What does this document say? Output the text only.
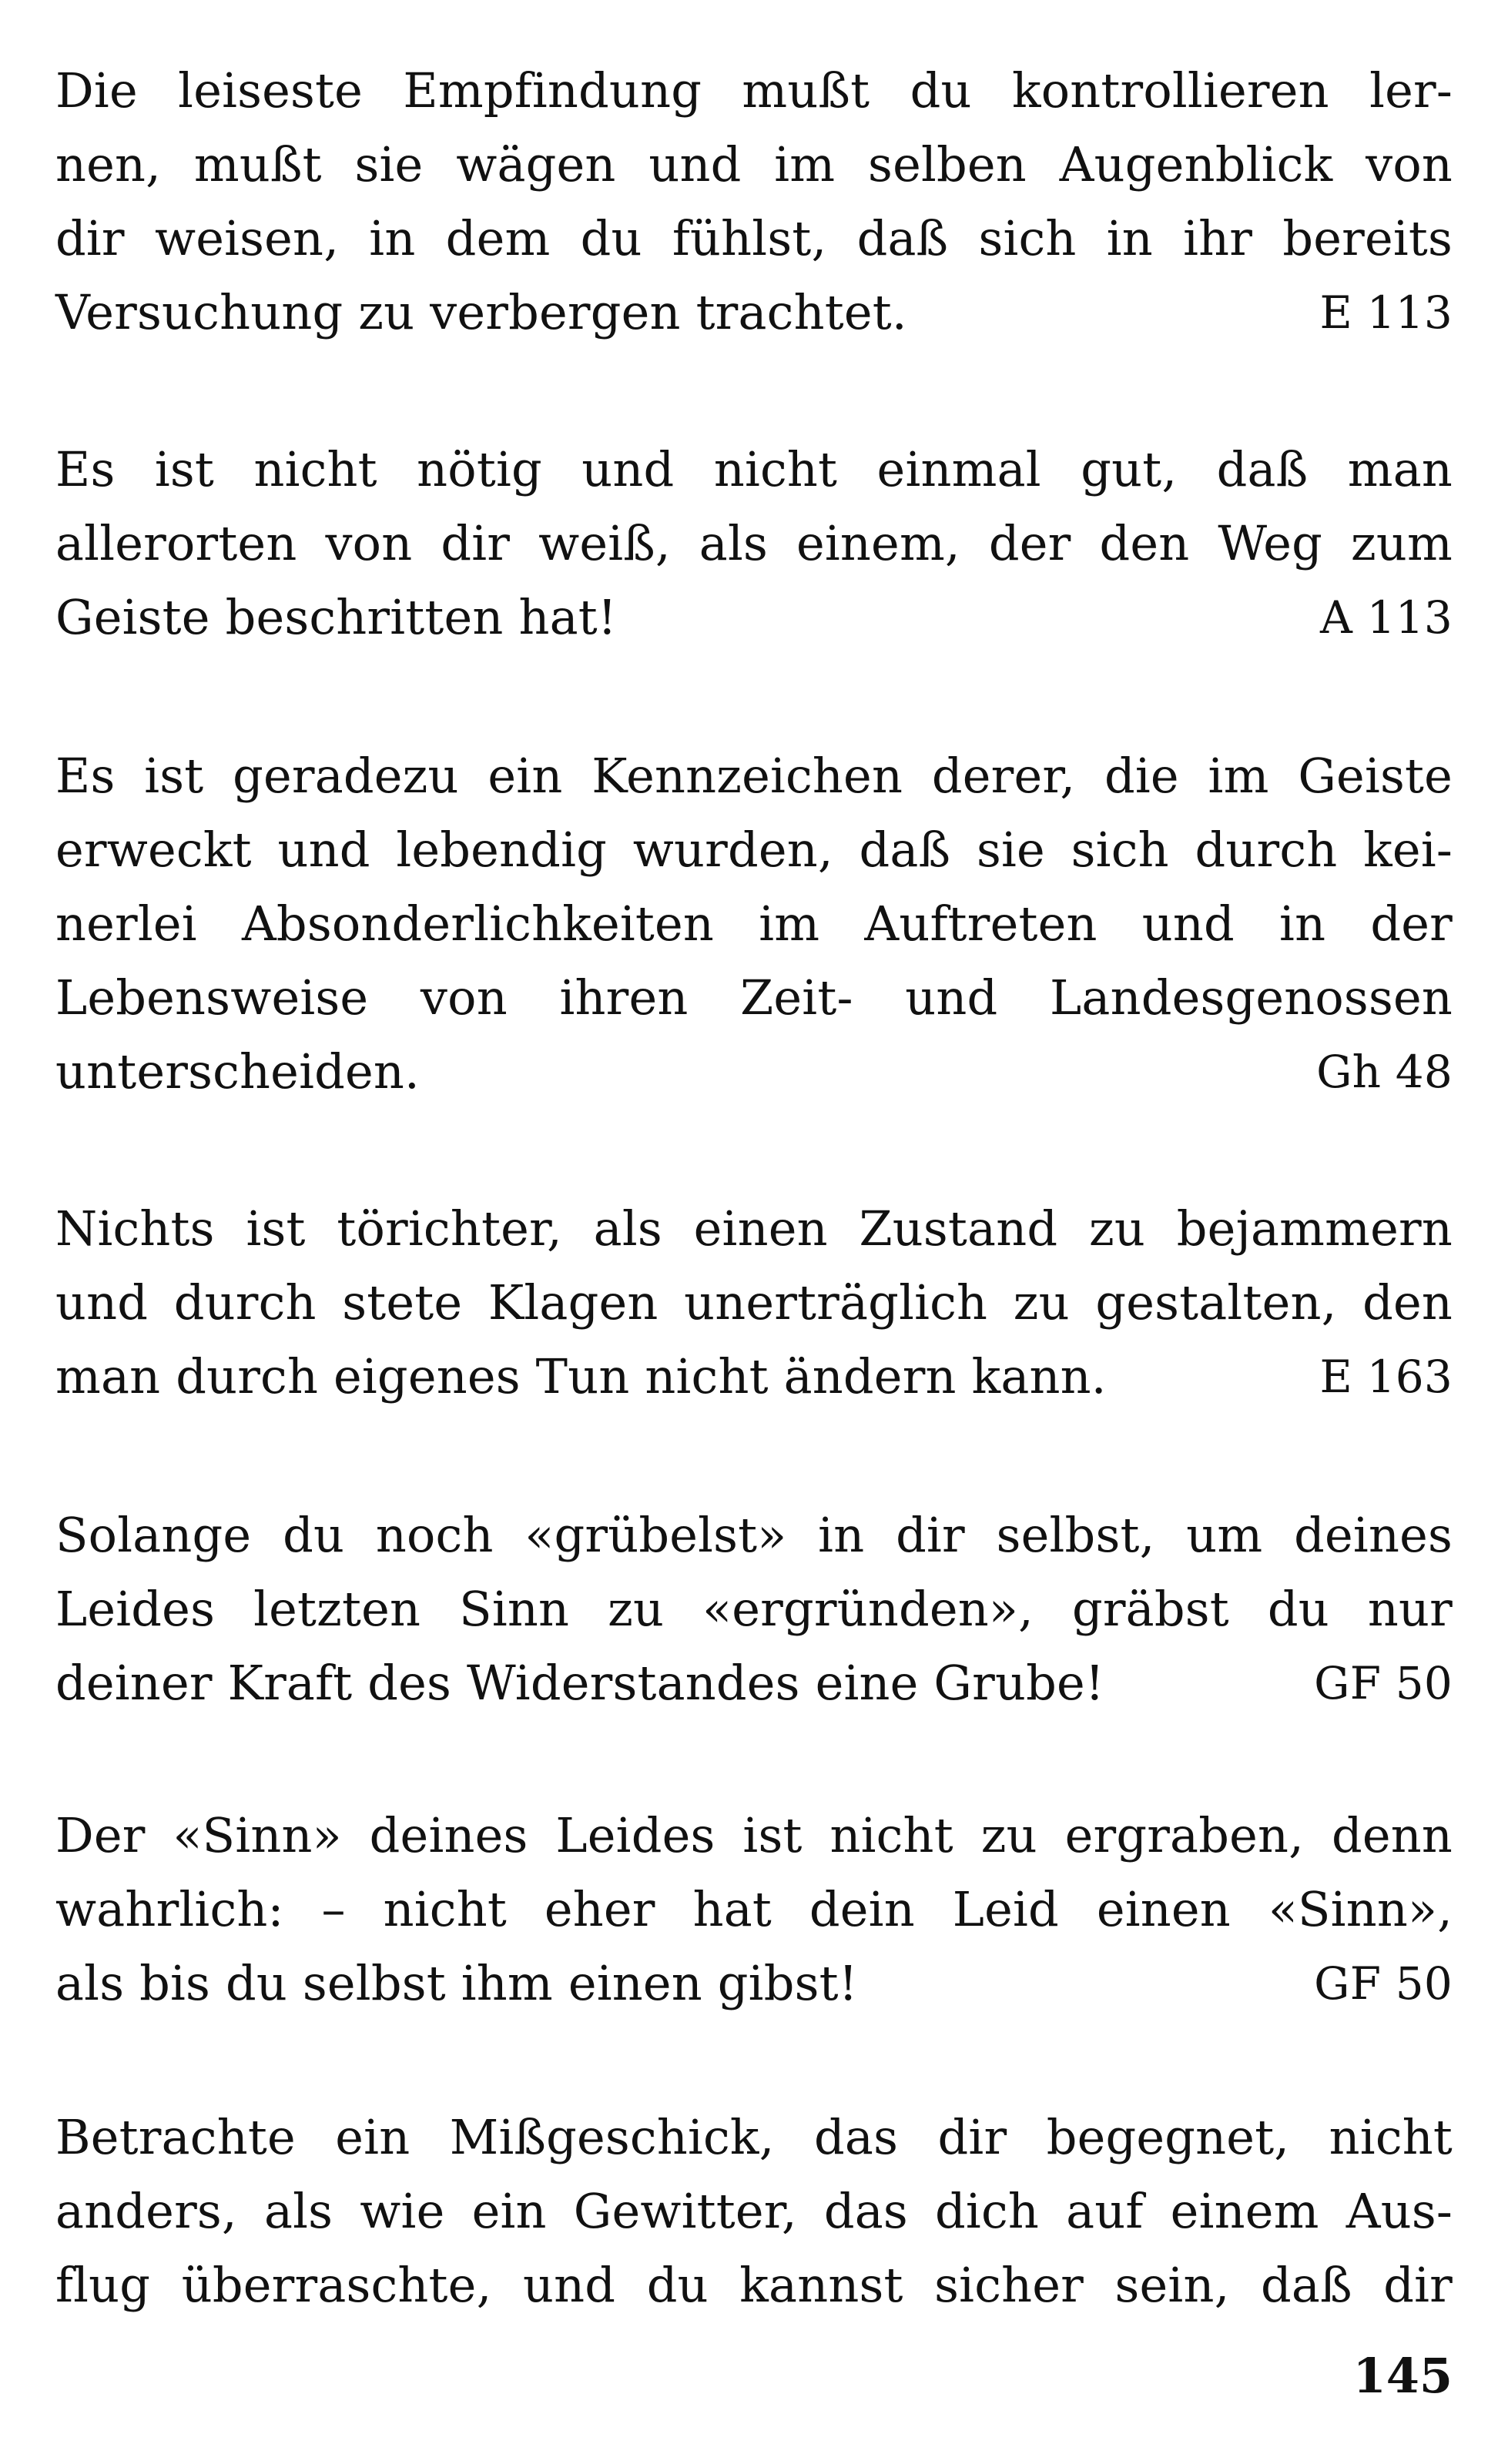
Die leiseste Empfindung mußt du kontrollieren ler-
nen, mußt sie wägen und im selben Augenblick von
dir weisen, in dem du fühlst, daß sich in ihr bereits
Versuchung zu verbergen trachtet.	E 113
Es ist nicht nötig und nicht einmal gut, daß man
allerorten von dir weiß, als einem, der den Weg zum
Geiste beschritten hat!	A 113
Es ist geradezu ein Kennzeichen derer, die im Geiste
erweckt und lebendig wurden, daß sie sich durch kei-
nerlei Absonderlichkeiten im Auftreten und in der
Lebensweise von ihren Zeit- und Landesgenossen
unterscheiden.	Gh 48
Nichts ist törichter, als einen Zustand zu bejammern
und durch stete Klagen unerträglich zu gestalten, den
man durch eigenes Tun nicht ändern kann.	E 163
Solange du noch «grübelst» in dir selbst, um deines
Leides letzten Sinn zu «ergründen», gräbst du nur
deiner Kraft des Widerstandes eine Grube!	GF 50
Der «Sinn» deines Leides ist nicht zu ergraben, denn
wahrlich: – nicht eher hat dein Leid einen «Sinn»,
als bis du selbst ihm einen gibst!	GF 50
Betrachte ein Mißgeschick, das dir begegnet, nicht
anders, als wie ein Gewitter, das dich auf einem Aus-
flug überraschte, und du kannst sicher sein, daß dir
145
